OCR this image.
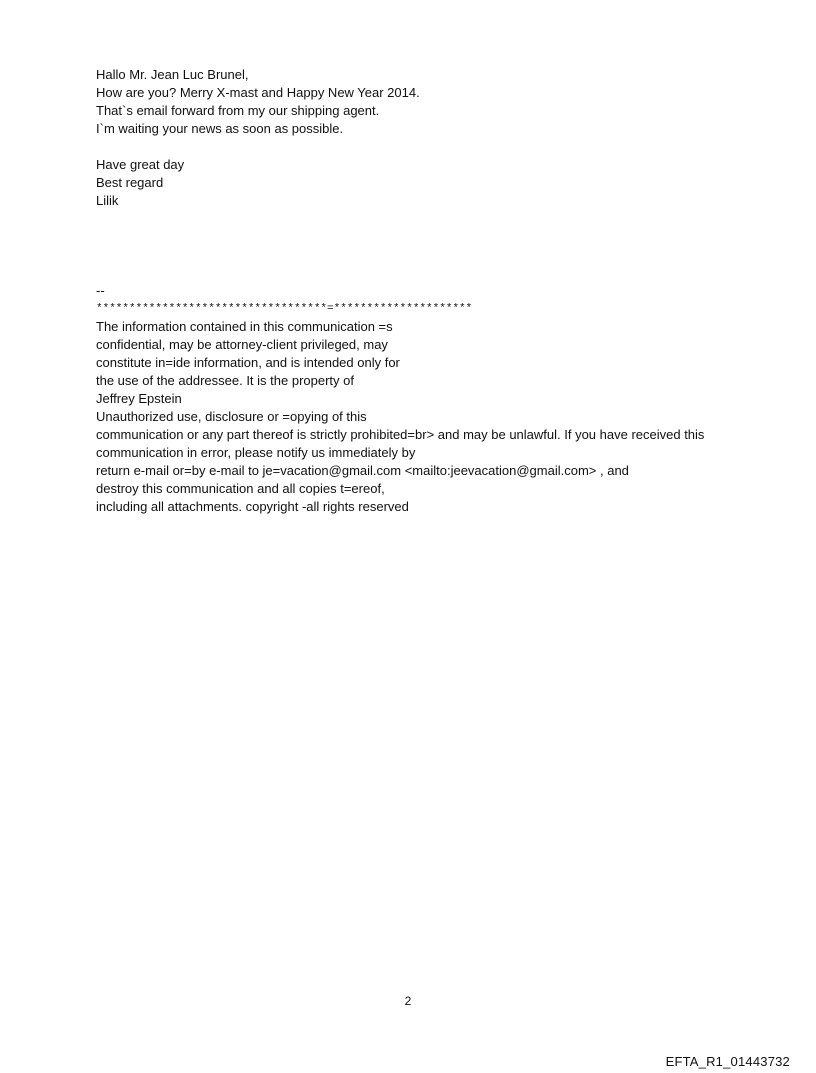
Hallo Mr. Jean Luc Brunel,
How are you? Merry X-mast and Happy New Year 2014.
That`s email forward from my our shipping agent.
I`m waiting your news as soon as possible.
Have great day
Best regard
Lilik
--
***********************************=*********************
The information contained in this communication =s
confidential, may be attorney-client privileged, may
constitute in=ide information, and is intended only for
the use of the addressee. It is the property of
Jeffrey Epstein
Unauthorized use, disclosure or =opying of this
communication or any part thereof is strictly prohibited=br> and may be unlawful. If you have received this
communication in error, please notify us immediately by
return e-mail or=by e-mail to je=vacation@gmail.com <mailto:jeevacation@gmail.com> , and
destroy this communication and all copies t=ereof,
including all attachments. copyright -all rights reserved
2
EFTA_R1_01443732
